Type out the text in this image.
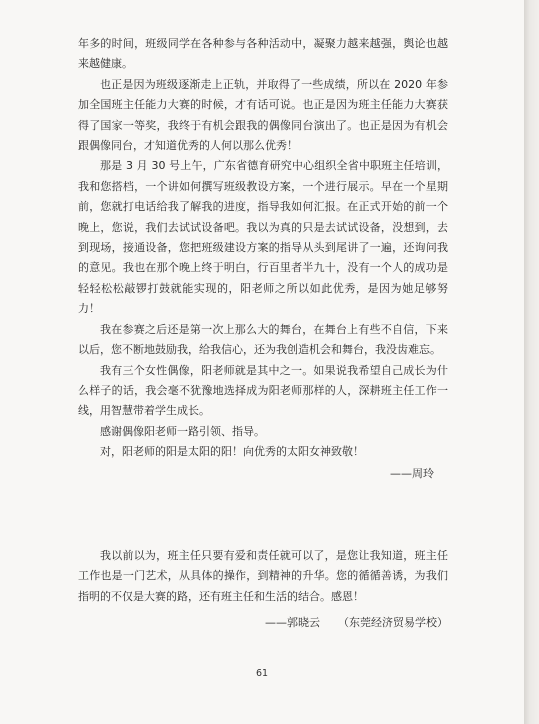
年多的时间，班级同学在各种参与各种活动中，凝聚力越来越强，舆论也越来越健康。

也正是因为班级逐渐走上正轨，并取得了一些成绩，所以在 2020 年参加全国班主任能力大赛的时候，才有话可说。也正是因为班主任能力大赛获得了国家一等奖，我终于有机会跟我的偶像同台演出了。也正是因为有机会跟偶像同台，才知道优秀的人何以那么优秀！

那是 3 月 30 号上午，广东省德育研究中心组织全省中职班主任培训，我和您搭档，一个讲如何撰写班级教设方案，一个进行展示。早在一个星期前，您就打电话给我了解我的进度，指导我如何汇报。在正式开始的前一个晚上，您说，我们去试试设备吧。我以为真的只是去试试设备，没想到，去到现场，接通设备，您把班级建设方案的指导从头到尾讲了一遍，还询问我的意见。我也在那个晚上终于明白，行百里者半九十，没有一个人的成功是轻轻松松敲锣打鼓就能实现的，阳老师之所以如此优秀，是因为她足够努力！

我在参赛之后还是第一次上那么大的舞台，在舞台上有些不自信，下来以后，您不断地鼓励我，给我信心，还为我创造机会和舞台，我没齿难忘。

我有三个女性偶像，阳老师就是其中之一。如果说我希望自己成长为什么样子的话，我会毫不犹豫地选择成为阳老师那样的人，深耕班主任工作一线，用智慧带着学生成长。

感谢偶像阳老师一路引领、指导。

对，阳老师的阳是太阳的阳！向优秀的太阳女神致敬！

——周玲

我以前以为，班主任只要有爱和责任就可以了，是您让我知道，班主任工作也是一门艺术，从具体的操作，到精神的升华。您的循循善诱，为我们指明的不仅是大赛的路，还有班主任和生活的结合。感恩！

——郭晓云 （东莞经济贸易学校）

61
